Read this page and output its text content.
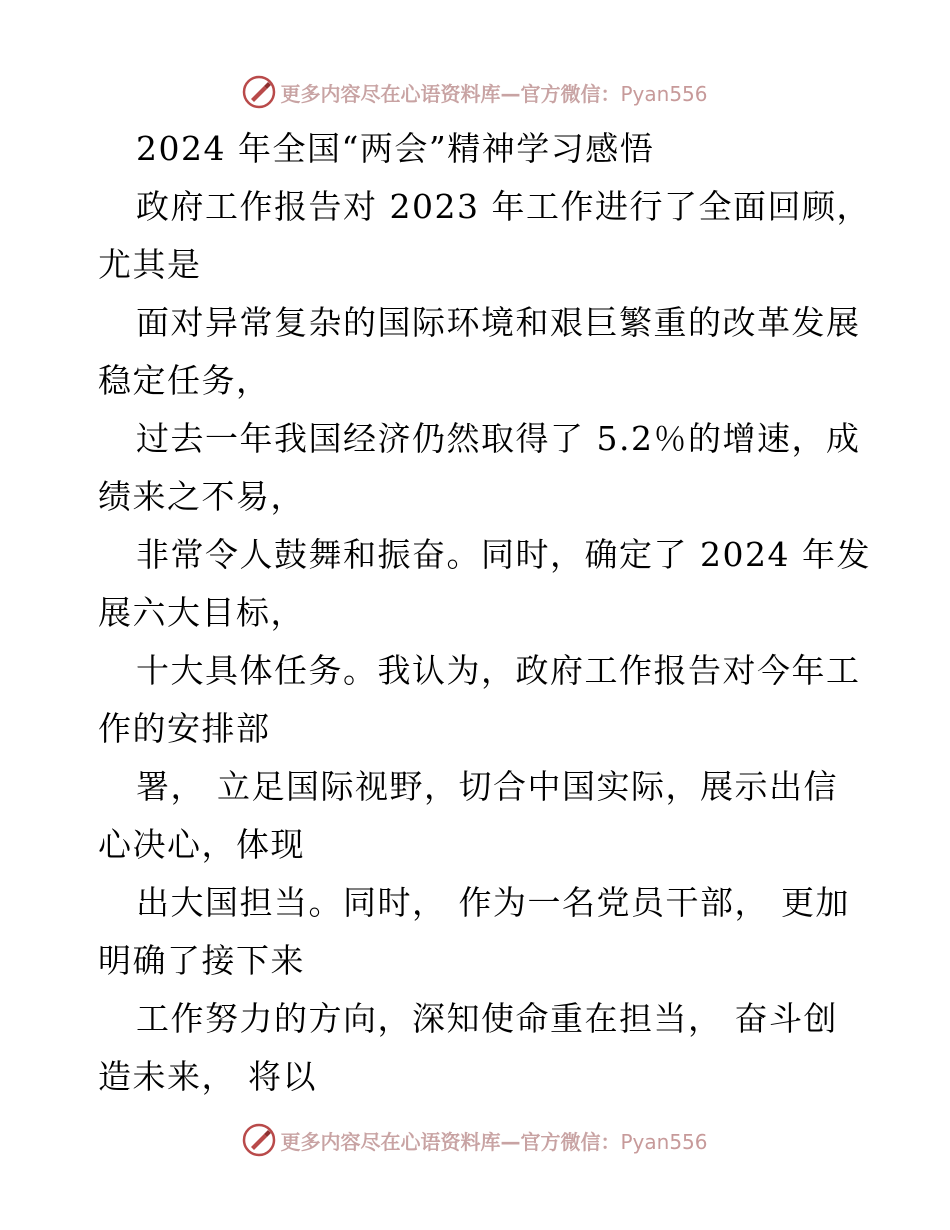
更多内容尽在心语资料库—官方微信：Pyan556
2024 年全国“两会”精神学习感悟
政府工作报告对 2023 年工作进行了全面回顾，
尤其是
面对异常复杂的国际环境和艰巨繁重的改革发展
稳定任务，
过去一年我国经济仍然取得了 5.2％的增速，成
绩来之不易，
非常令人鼓舞和振奋。同时，确定了 2024 年发
展六大目标，
十大具体任务。我认为，政府工作报告对今年工
作的安排部
署， 立足国际视野，切合中国实际，展示出信
心决心，体现
出大国担当。同时， 作为一名党员干部， 更加
明确了接下来
工作努力的方向，深知使命重在担当， 奋斗创
造未来， 将以
更多内容尽在心语资料库—官方微信：Pyan556
